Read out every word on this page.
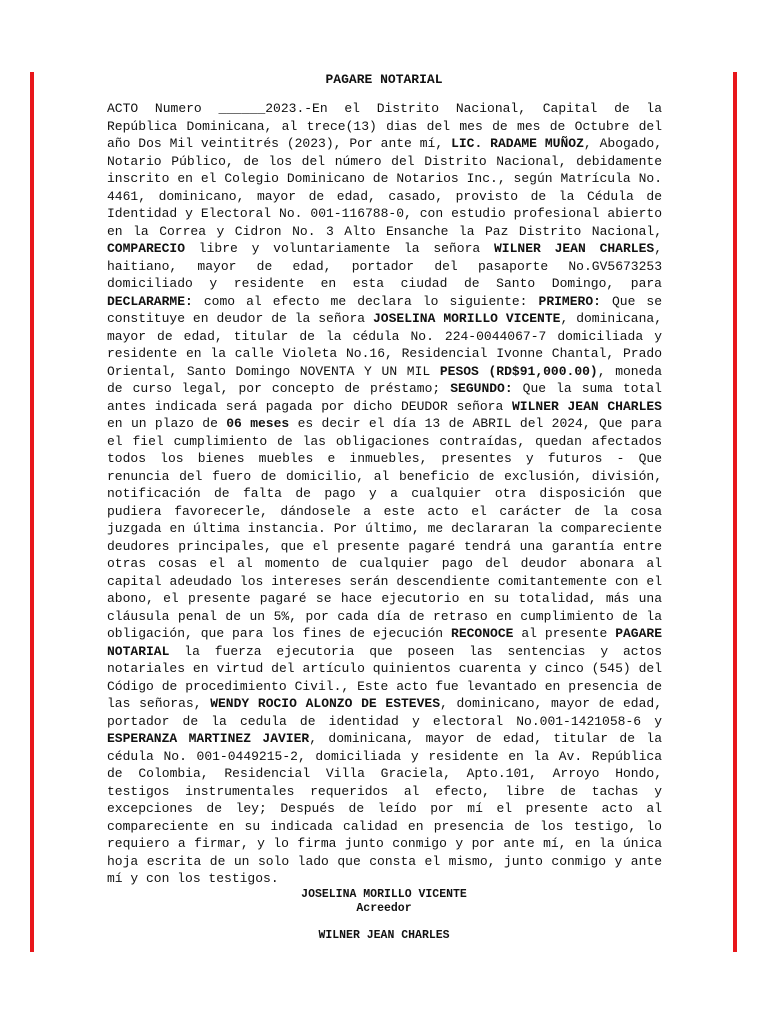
PAGARE NOTARIAL
ACTO Numero ______2023.-En el Distrito Nacional, Capital de la República Dominicana, al trece(13) dias del mes de mes de Octubre del año Dos Mil veintitrés (2023), Por ante mí, LIC. RADAME MUÑOZ, Abogado, Notario Público, de los del número del Distrito Nacional, debidamente inscrito en el Colegio Dominicano de Notarios Inc., según Matrícula No. 4461, dominicano, mayor de edad, casado, provisto de la Cédula de Identidad y Electoral No. 001-116788-0, con estudio profesional abierto en la Correa y Cidron No. 3 Alto Ensanche la Paz Distrito Nacional, COMPARECIO libre y voluntariamente la señora WILNER JEAN CHARLES, haitiano, mayor de edad, portador del pasaporte No.GV5673253 domiciliado y residente en esta ciudad de Santo Domingo, para DECLARARME: como al efecto me declara lo siguiente: PRIMERO: Que se constituye en deudor de la señora JOSELINA MORILLO VICENTE, dominicana, mayor de edad, titular de la cédula No. 224-0044067-7 domiciliada y residente en la calle Violeta No.16, Residencial Ivonne Chantal, Prado Oriental, Santo Domingo NOVENTA Y UN MIL PESOS (RD$91,000.00), moneda de curso legal, por concepto de préstamo; SEGUNDO: Que la suma total antes indicada será pagada por dicho DEUDOR señora WILNER JEAN CHARLES en un plazo de 06 meses es decir el día 13 de ABRIL del 2024, Que para el fiel cumplimiento de las obligaciones contraídas, quedan afectados todos los bienes muebles e inmuebles, presentes y futuros - Que renuncia del fuero de domicilio, al beneficio de exclusión, división, notificación de falta de pago y a cualquier otra disposición que pudiera favorecerle, dándosele a este acto el carácter de la cosa juzgada en última instancia. Por último, me declararan la compareciente deudores principales, que el presente pagaré tendrá una garantía entre otras cosas el al momento de cualquier pago del deudor abonara al capital adeudado los intereses serán descendiente comitantemente con el abono, el presente pagaré se hace ejecutorio en su totalidad, más una cláusula penal de un 5%, por cada día de retraso en cumplimiento de la obligación, que para los fines de ejecución RECONOCE al presente PAGARE NOTARIAL la fuerza ejecutoria que poseen las sentencias y actos notariales en virtud del artículo quinientos cuarenta y cinco (545) del Código de procedimiento Civil., Este acto fue levantado en presencia de las señoras, WENDY ROCIO ALONZO DE ESTEVES, dominicano, mayor de edad, portador de la cedula de identidad y electoral No.001-1421058-6 y ESPERANZA MARTINEZ JAVIER, dominicana, mayor de edad, titular de la cédula No. 001-0449215-2, domiciliada y residente en la Av. República de Colombia, Residencial Villa Graciela, Apto.101, Arroyo Hondo, testigos instrumentales requeridos al efecto, libre de tachas y excepciones de ley; Después de leído por mí el presente acto al compareciente en su indicada calidad en presencia de los testigo, lo requiero a firmar, y lo firma junto conmigo y por ante mí, en la única hoja escrita de un solo lado que consta el mismo, junto conmigo y ante mí y con los testigos.
JOSELINA MORILLO VICENTE
Acreedor
WILNER JEAN CHARLES
